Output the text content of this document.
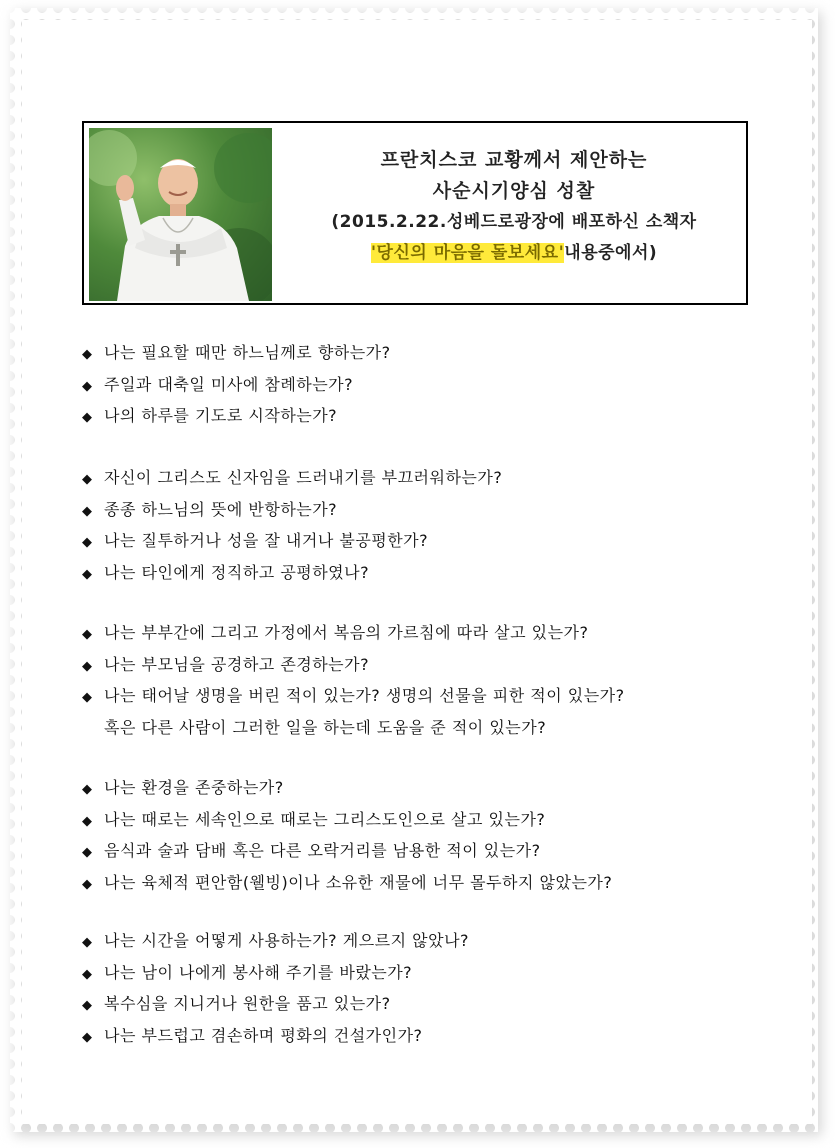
프란치스코 교황께서 제안하는
사순시기양심 성찰
(2015.2.22.성베드로광장에 배포하신 소책자
'당신의 마음을 돌보세요'내용중에서)
◆ 나는 필요할 때만 하느님께로 향하는가?
◆ 주일과 대축일 미사에 참례하는가?
◆ 나의 하루를 기도로 시작하는가?
◆ 자신이 그리스도 신자임을 드러내기를 부끄러워하는가?
◆ 종종 하느님의 뜻에 반항하는가?
◆ 나는 질투하거나 성을 잘 내거나 불공평한가?
◆ 나는 타인에게 정직하고 공평하였나?
◆ 나는 부부간에 그리고 가정에서 복음의 가르침에 따라 살고 있는가?
◆ 나는 부모님을 공경하고 존경하는가?
◆ 나는 태어날 생명을 버린 적이 있는가? 생명의 선물을 피한 적이 있는가?
혹은 다른 사람이 그러한 일을 하는데 도움을 준 적이 있는가?
◆ 나는 환경을 존중하는가?
◆ 나는 때로는 세속인으로 때로는 그리스도인으로 살고 있는가?
◆ 음식과 술과 담배 혹은 다른 오락거리를 남용한 적이 있는가?
◆ 나는 육체적 편안함(웰빙)이나 소유한 재물에 너무 몰두하지 않았는가?
◆ 나는 시간을 어떻게 사용하는가? 게으르지 않았나?
◆ 나는 남이 나에게 봉사해 주기를 바랐는가?
◆ 복수심을 지니거나 원한을 품고 있는가?
◆ 나는 부드럽고 겸손하며 평화의 건설가인가?
